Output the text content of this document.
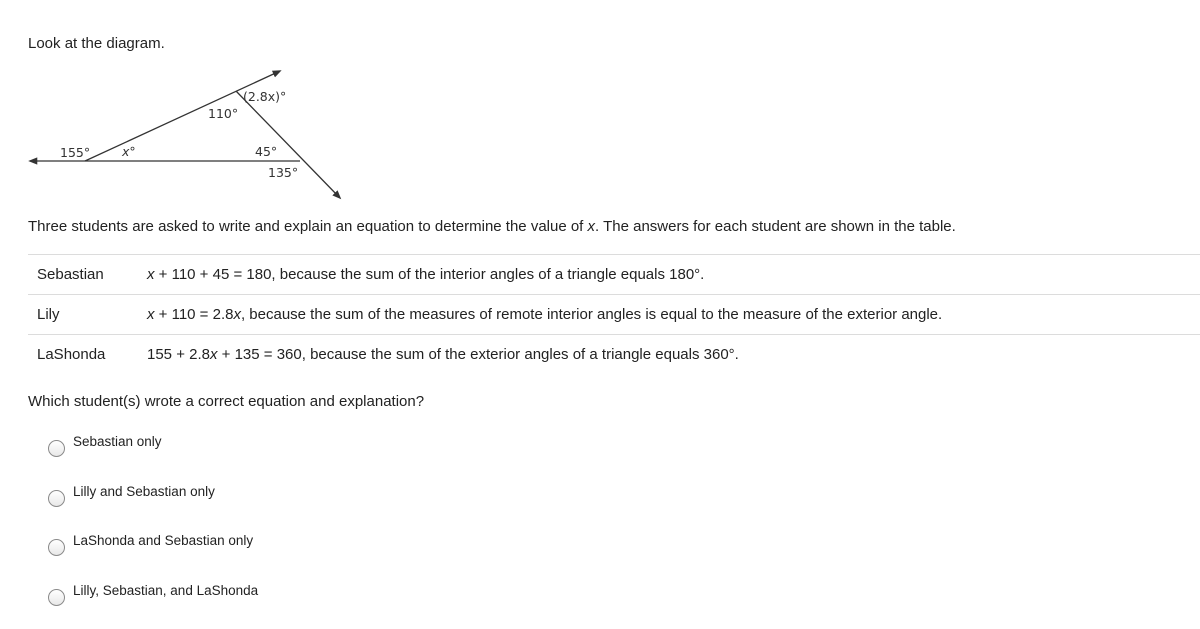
Look at the diagram.
155°	x°
110°
(2.8x)°
45°
135°
Three students are asked to write and explain an equation to determine the value of x. The answers for each student are shown in the table.
Sebastian	x + 110 + 45 = 180, because the sum of the interior angles of a triangle equals 180°.
Lily	x + 110 = 2.8x, because the sum of the measures of remote interior angles is equal to the measure of the exterior angle.
LaShonda	155 + 2.8x + 135 = 360, because the sum of the exterior angles of a triangle equals 360°.
Which student(s) wrote a correct equation and explanation?
Sebastian only
Lilly and Sebastian only
LaShonda and Sebastian only
Lilly, Sebastian, and LaShonda
